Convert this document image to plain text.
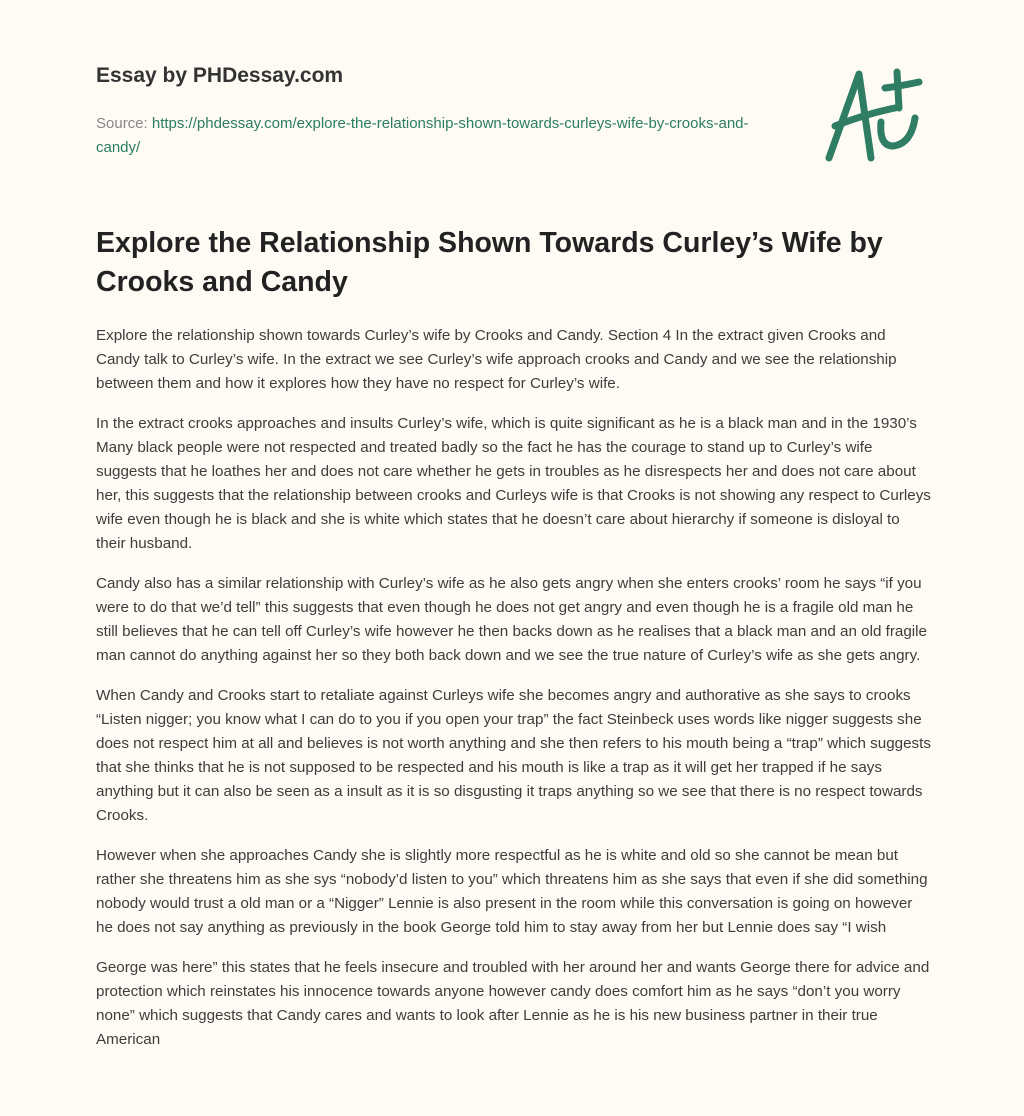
Essay by PHDessay.com
Source: https://phdessay.com/explore-the-relationship-shown-towards-curleys-wife-by-crooks-and-candy/
Explore the Relationship Shown Towards Curley’s Wife by Crooks and Candy

Explore the relationship shown towards Curley’s wife by Crooks and Candy. Section 4 In the extract given Crooks and Candy talk to Curley’s wife. In the extract we see Curley’s wife approach crooks and Candy and we see the relationship between them and how it explores how they have no respect for Curley’s wife.

In the extract crooks approaches and insults Curley’s wife, which is quite significant as he is a black man and in the 1930’s Many black people were not respected and treated badly so the fact he has the courage to stand up to Curley’s wife suggests that he loathes her and does not care whether he gets in troubles as he disrespects her and does not care about her, this suggests that the relationship between crooks and Curleys wife is that Crooks is not showing any respect to Curleys wife even though he is black and she is white which states that he doesn’t care about hierarchy if someone is disloyal to their husband.

Candy also has a similar relationship with Curley’s wife as he also gets angry when she enters crooks’ room he says “if you were to do that we’d tell” this suggests that even though he does not get angry and even though he is a fragile old man he still believes that he can tell off Curley’s wife however he then backs down as he realises that a black man and an old fragile man cannot do anything against her so they both back down and we see the true nature of Curley’s wife as she gets angry.

When Candy and Crooks start to retaliate against Curleys wife she becomes angry and authorative as she says to crooks “Listen nigger; you know what I can do to you if you open your trap” the fact Steinbeck uses words like nigger suggests she does not respect him at all and believes is not worth anything and she then refers to his mouth being a “trap” which suggests that she thinks that he is not supposed to be respected and his mouth is like a trap as it will get her trapped if he says anything but it can also be seen as a insult as it is so disgusting it traps anything so we see that there is no respect towards Crooks.

However when she approaches Candy she is slightly more respectful as he is white and old so she cannot be mean but rather she threatens him as she sys “nobody’d listen to you” which threatens him as she says that even if she did something nobody would trust a old man or a “Nigger” Lennie is also present in the room while this conversation is going on however he does not say anything as previously in the book George told him to stay away from her but Lennie does say “I wish

George was here” this states that he feels insecure and troubled with her around her and wants George there for advice and protection which reinstates his innocence towards anyone however candy does comfort him as he says “don’t you worry none” which suggests that Candy cares and wants to look after Lennie as he is his new business partner in their true American
